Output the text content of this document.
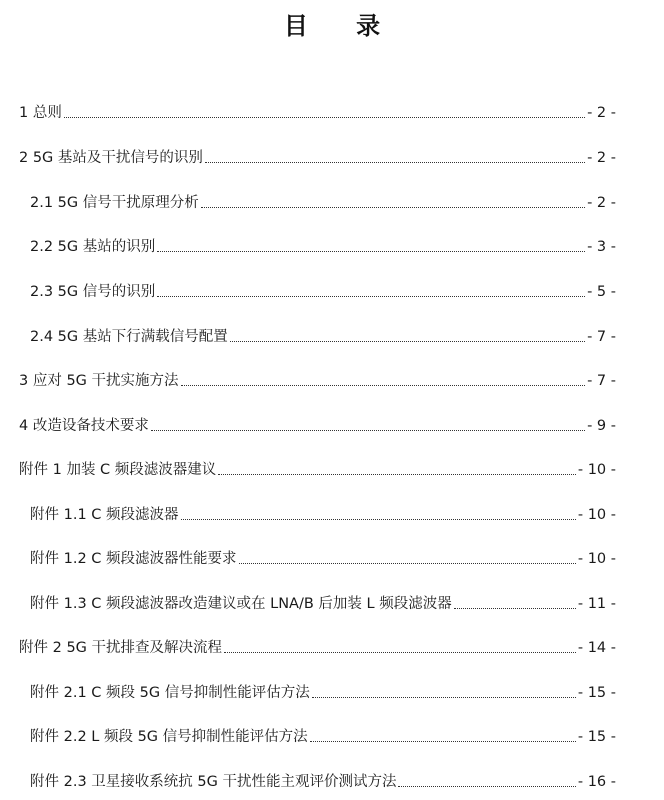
目 录
1 总则	- 2 -
2 5G 基站及干扰信号的识别	- 2 -
2.1 5G 信号干扰原理分析	- 2 -
2.2 5G 基站的识别	- 3 -
2.3 5G 信号的识别	- 5 -
2.4 5G 基站下行满载信号配置	- 7 -
3 应对 5G 干扰实施方法	- 7 -
4 改造设备技术要求	- 9 -
附件 1 加装 C 频段滤波器建议	- 10 -
附件 1.1 C 频段滤波器	- 10 -
附件 1.2 C 频段滤波器性能要求	- 10 -
附件 1.3 C 频段滤波器改造建议或在 LNA/B 后加装 L 频段滤波器	- 11 -
附件 2 5G 干扰排查及解决流程	- 14 -
附件 2.1 C 频段 5G 信号抑制性能评估方法	- 15 -
附件 2.2 L 频段 5G 信号抑制性能评估方法	- 15 -
附件 2.3 卫星接收系统抗 5G 干扰性能主观评价测试方法	- 16 -
